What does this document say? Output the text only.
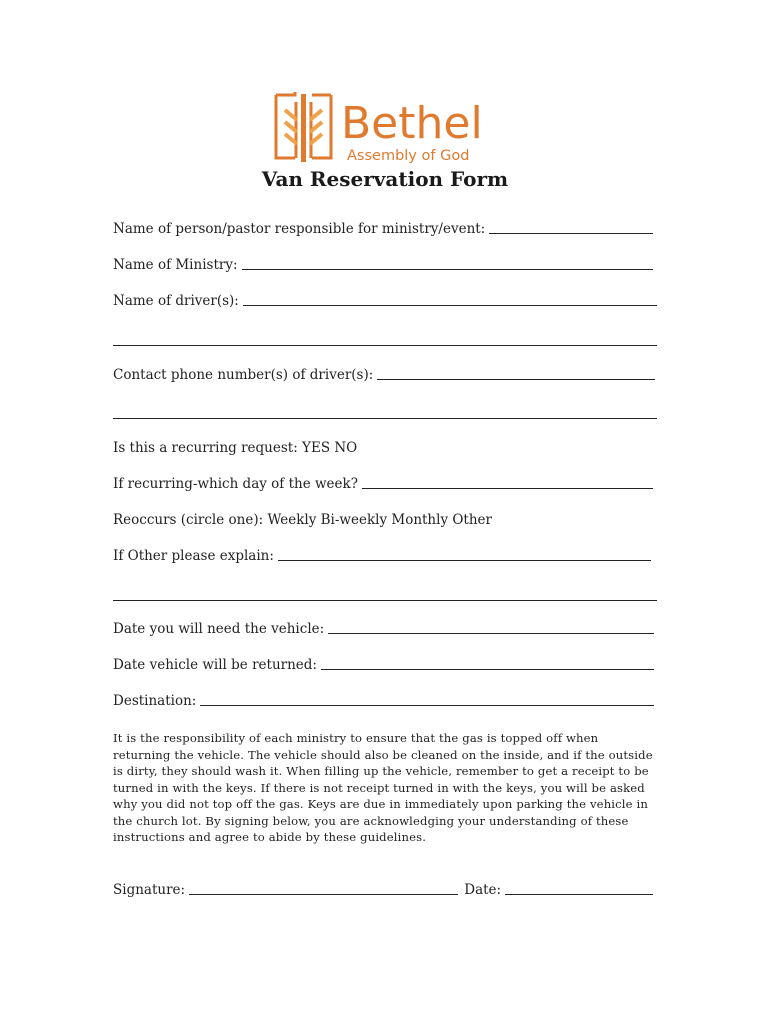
Bethel
Assembly of God
Van Reservation Form
Name of person/pastor responsible for ministry/event:
Name of Ministry:
Name of driver(s):
Contact phone number(s) of driver(s):
Is this a recurring request: YES NO
If recurring-which day of the week?
Reoccurs (circle one): Weekly Bi-weekly Monthly Other
If Other please explain:
Date you will need the vehicle:
Date vehicle will be returned:
Destination:
It is the responsibility of each ministry to ensure that the gas is topped off when returning the vehicle. The vehicle should also be cleaned on the inside, and if the outside is dirty, they should wash it. When filling up the vehicle, remember to get a receipt to be turned in with the keys. If there is not receipt turned in with the keys, you will be asked why you did not top off the gas. Keys are due in immediately upon parking the vehicle in the church lot. By signing below, you are acknowledging your understanding of these instructions and agree to abide by these guidelines.
Signature:	Date:
